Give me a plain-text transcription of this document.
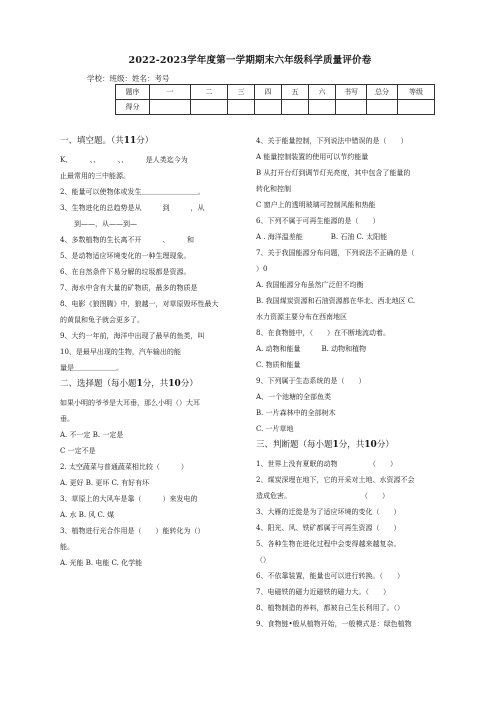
2022-2023学年度第一学期期末六年级科学质量评价卷
学校：班级：姓名：考号
题序	一	二	三	四	五	六	书写	总分	等级
得分									
一、填空题。（共11分）
K、　　　、、　　　、、　　　是人类迄今为
止最常用的三中能源。
2、能量可以使物体或发生＿＿＿＿＿＿＿＿。
3、生物进化的总趋势是从　　　到　　　，从
　　到——，从——到—
4、多数植物的生长离不开　　　、　　　和
5、是动物适应环境变化的一种生理现象。
6、在自然条件下易分解的垃圾都是资源。
7、海水中含有大量的矿物质，最多的物质是
8、电影《狼图腾》中，狼越一，对草原毁坏性最大
的黄鼠和兔子就会更多了。
9、大约一年前，海洋中出现了最早的鱼类，叫
10、是最早出现的生物，汽车输出的能
量是＿＿＿＿＿＿。
二、选择题（每小题1分，共10分）
如果小明的爷爷是大耳垂，那么小明（）大耳
垂。
A. 不一定 B. 一定是
C 一定不是
2. 太空蔬菜与普通蔬菜相比较（　　　）
A. 更好 B. 更坏 C. 有好有坏
3、草原上的大风车是靠（　　　）来发电的
A. 水 B. 风 C. 煤
3、植物进行光合作用是（　　）能转化为（）
能。
A. 光能 B. 电能 C. 化学能
4、关于能量控制，下列说法中错误的是（　　）
A 能量控制装置的使用可以节约能量
B 从打开台灯到调节灯光亮度，其中包含了能量的
转化和控制
C 窗户上的透明玻璃可控制风能和热能
6、下列不属于可再生能源的是（　　）
A . 海洋温差能　　　　B. 石油 C. 太阳能
7、关于我国能源分布问题，下列说法不正确的是（
）0
A. 我国能源分布虽然广泛但不均衡
B. 我国煤炭资源和石油资源都在华北、西北地区 C.
水力资源主要分布在西南地区
8、在食物链中，（　　）在不断地流动着。
A. 动物和能量　　　B. 动物和植物
C. 物质和能量
9、下列属于生态系统的是（　　）
A、一个池塘的全部鱼类
B. 一片森林中的全部树木
C. 一片草地
三、判断题（每小题1分，共10分）
1、世界上没有夏眠的动物　　　　　（　　）
2、煤炭深埋在地下，它的开采对土地、水资源不会
造成危害。　　　　　　　　　　　（　　）
3、大雁的迁徙是为了适应环境的变化（　　）
4、阳光、风、铁矿都属于可再生资源（　　）
5、各种生物在进化过程中会变得越来越复杂。
（）
6、不依靠装置，能量也可以进行转换。（　　）
7、电磁铁的磁力近磁铁的磁力大。（　　）
8、植物制造的养料，都被自己生长利用了。（）
9、食物链•般从植物开始，一般模式是：绿色植物
